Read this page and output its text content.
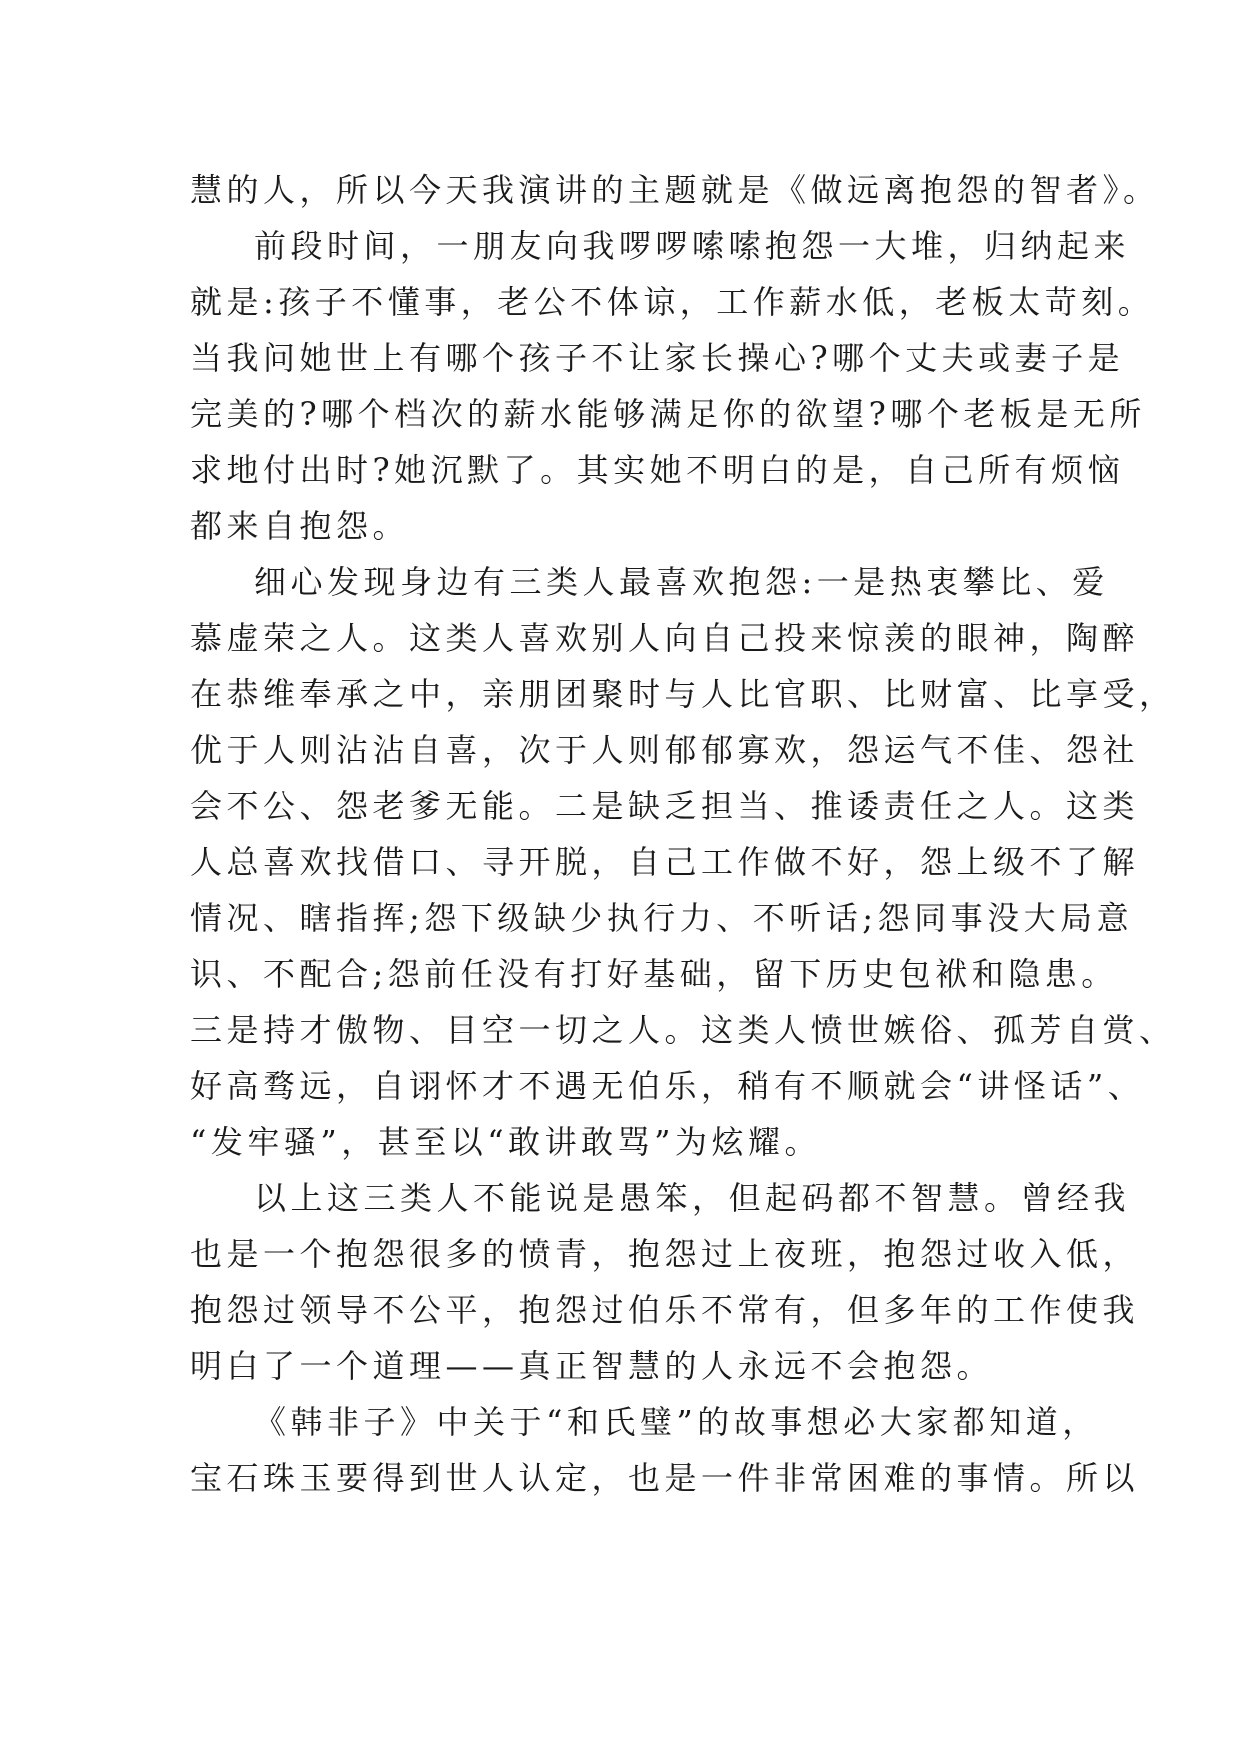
慧的人，所以今天我演讲的主题就是《做远离抱怨的智者》。
前段时间，一朋友向我啰啰嗦嗦抱怨一大堆，归纳起来
就是:孩子不懂事，老公不体谅，工作薪水低，老板太苛刻。
当我问她世上有哪个孩子不让家长操心?哪个丈夫或妻子是
完美的?哪个档次的薪水能够满足你的欲望?哪个老板是无所
求地付出时?她沉默了。其实她不明白的是，自己所有烦恼
都来自抱怨。
细心发现身边有三类人最喜欢抱怨:一是热衷攀比、爱
慕虚荣之人。这类人喜欢别人向自己投来惊羡的眼神，陶醉
在恭维奉承之中，亲朋团聚时与人比官职、比财富、比享受，
优于人则沾沾自喜，次于人则郁郁寡欢，怨运气不佳、怨社
会不公、怨老爹无能。二是缺乏担当、推诿责任之人。这类
人总喜欢找借口、寻开脱，自己工作做不好，怨上级不了解
情况、瞎指挥;怨下级缺少执行力、不听话;怨同事没大局意
识、不配合;怨前任没有打好基础，留下历史包袱和隐患。
三是持才傲物、目空一切之人。这类人愤世嫉俗、孤芳自赏、
好高骛远，自诩怀才不遇无伯乐，稍有不顺就会“讲怪话”、
“发牢骚”，甚至以“敢讲敢骂”为炫耀。
以上这三类人不能说是愚笨，但起码都不智慧。曾经我
也是一个抱怨很多的愤青，抱怨过上夜班，抱怨过收入低，
抱怨过领导不公平，抱怨过伯乐不常有，但多年的工作使我
明白了一个道理——真正智慧的人永远不会抱怨。
《韩非子》中关于“和氏璧”的故事想必大家都知道，
宝石珠玉要得到世人认定，也是一件非常困难的事情。所以
